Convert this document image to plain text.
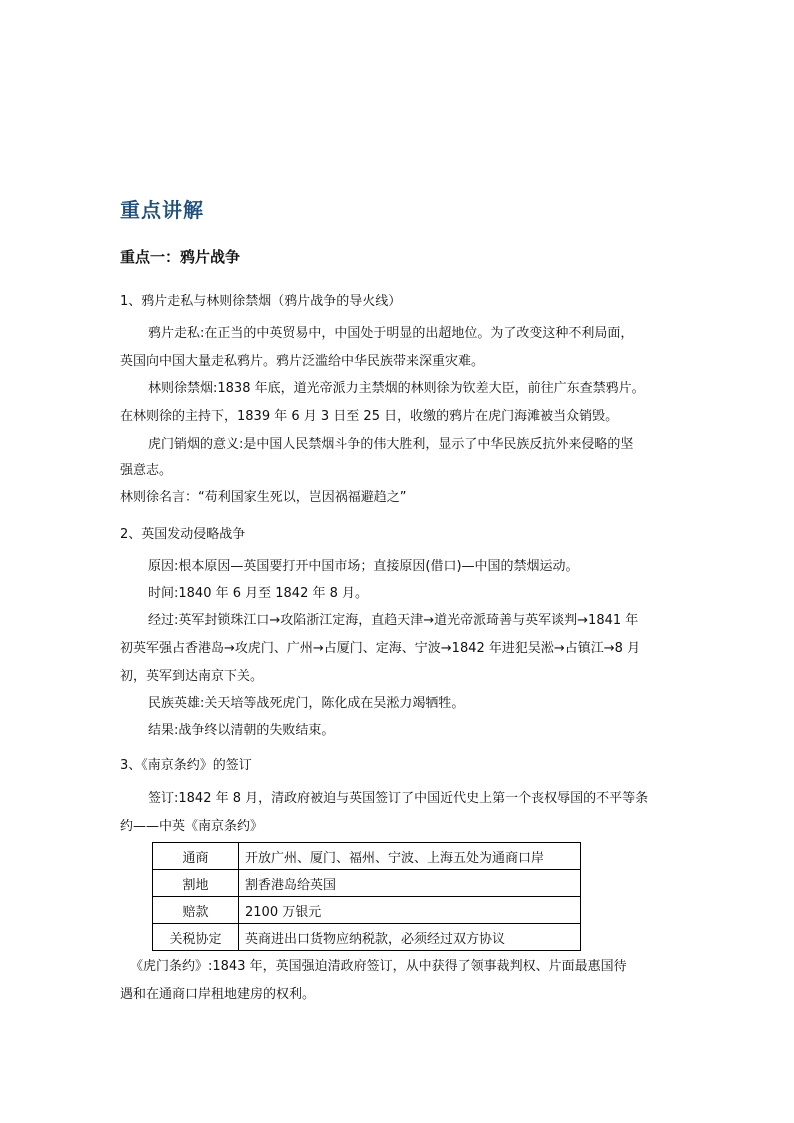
重点讲解
重点一：鸦片战争
1、鸦片走私与林则徐禁烟（鸦片战争的导火线）
鸦片走私:在正当的中英贸易中，中国处于明显的出超地位。为了改变这种不利局面，
英国向中国大量走私鸦片。鸦片泛滥给中华民族带来深重灾难。
林则徐禁烟:1838 年底，道光帝派力主禁烟的林则徐为钦差大臣，前往广东查禁鸦片。
在林则徐的主持下，1839 年 6 月 3 日至 25 日，收缴的鸦片在虎门海滩被当众销毁。
虎门销烟的意义:是中国人民禁烟斗争的伟大胜利，显示了中华民族反抗外来侵略的坚
强意志。
林则徐名言：“苟利国家生死以，岂因祸福避趋之”
2、英国发动侵略战争
原因:根本原因—英国要打开中国市场；直接原因(借口)—中国的禁烟运动。
时间:1840 年 6 月至 1842 年 8 月。
经过:英军封锁珠江口→攻陷浙江定海，直趋天津→道光帝派琦善与英军谈判→1841 年
初英军强占香港岛→攻虎门、广州→占厦门、定海、宁波→1842 年进犯吴淞→占镇江→8 月
初，英军到达南京下关。
民族英雄:关天培等战死虎门，陈化成在吴淞力竭牺牲。
结果:战争终以清朝的失败结束。
3、《南京条约》的签订
签订:1842 年 8 月，清政府被迫与英国签订了中国近代史上第一个丧权辱国的不平等条
约——中英《南京条约》
通商	开放广州、厦门、福州、宁波、上海五处为通商口岸
割地	割香港岛给英国
赔款	2100 万银元
关税协定	英商进出口货物应纳税款，必须经过双方协议
《虎门条约》:1843 年，英国强迫清政府签订，从中获得了领事裁判权、片面最惠国待
遇和在通商口岸租地建房的权利。
